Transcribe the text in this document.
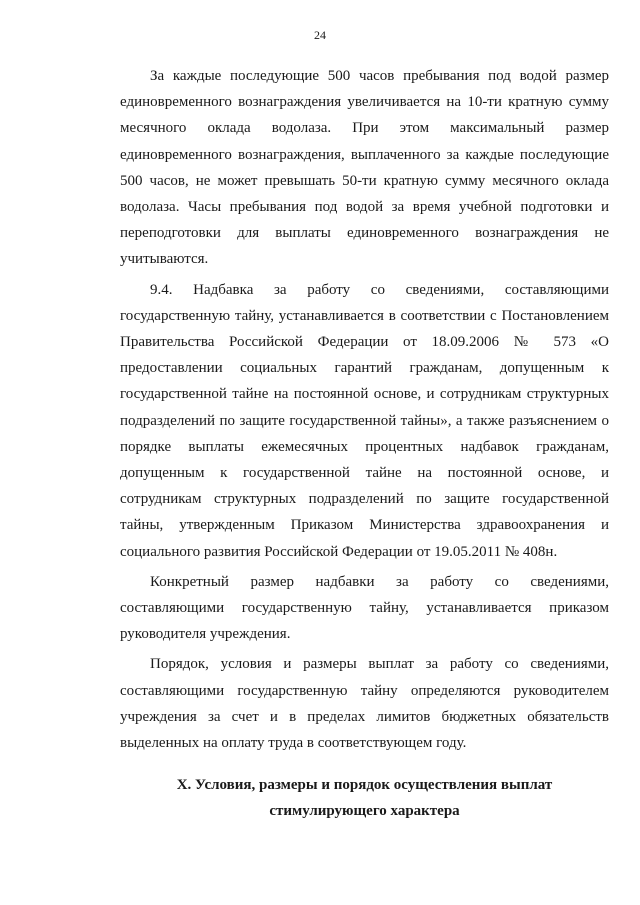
24

За каждые последующие 500 часов пребывания под водой размер единовременного вознаграждения увеличивается на 10-ти кратную сумму месячного оклада водолаза. При этом максимальный размер единовременного вознаграждения, выплаченного за каждые последующие 500 часов, не может превышать 50-ти кратную сумму месячного оклада водолаза. Часы пребывания под водой за время учебной подготовки и переподготовки для выплаты единовременного вознаграждения не учитываются.

9.4. Надбавка за работу со сведениями, составляющими государственную тайну, устанавливается в соответствии с Постановлением Правительства Российской Федерации от 18.09.2006 № 573 «О предоставлении социальных гарантий гражданам, допущенным к государственной тайне на постоянной основе, и сотрудникам структурных подразделений по защите государственной тайны», а также разъяснением о порядке выплаты ежемесячных процентных надбавок гражданам, допущенным к государственной тайне на постоянной основе, и сотрудникам структурных подразделений по защите государственной тайны, утвержденным Приказом Министерства здравоохранения и социального развития Российской Федерации от 19.05.2011 № 408н.

Конкретный размер надбавки за работу со сведениями, составляющими государственную тайну, устанавливается приказом руководителя учреждения.

Порядок, условия и размеры выплат за работу со сведениями, составляющими государственную тайну определяются руководителем учреждения за счет и в пределах лимитов бюджетных обязательств выделенных на оплату труда в соответствующем году.

X. Условия, размеры и порядок осуществления выплат
стимулирующего характера
